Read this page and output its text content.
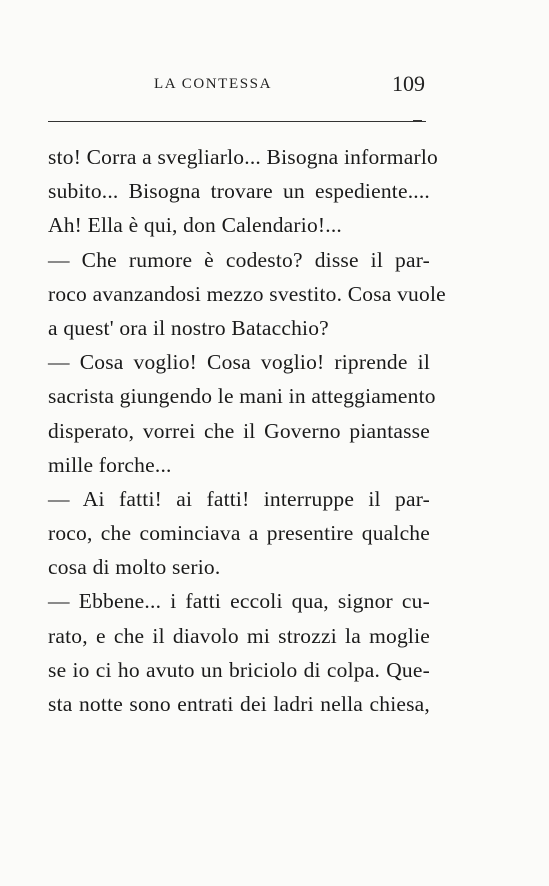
LA CONTESSA	109
sto! Corra a svegliarlo... Bisogna informarlo
subito... Bisogna trovare un espediente....
Ah! Ella è qui, don Calendario!...
— Che rumore è codesto? disse il par-
roco avanzandosi mezzo svestito. Cosa vuole
a quest' ora il nostro Batacchio?
— Cosa voglio! Cosa voglio! riprende il
sacrista giungendo le mani in atteggiamento
disperato, vorrei che il Governo piantasse
mille forche...
— Ai fatti! ai fatti! interruppe il par-
roco, che cominciava a presentire qualche
cosa di molto serio.
— Ebbene... i fatti eccoli qua, signor cu-
rato, e che il diavolo mi strozzi la moglie
se io ci ho avuto un briciolo di colpa. Que-
sta notte sono entrati dei ladri nella chiesa,
